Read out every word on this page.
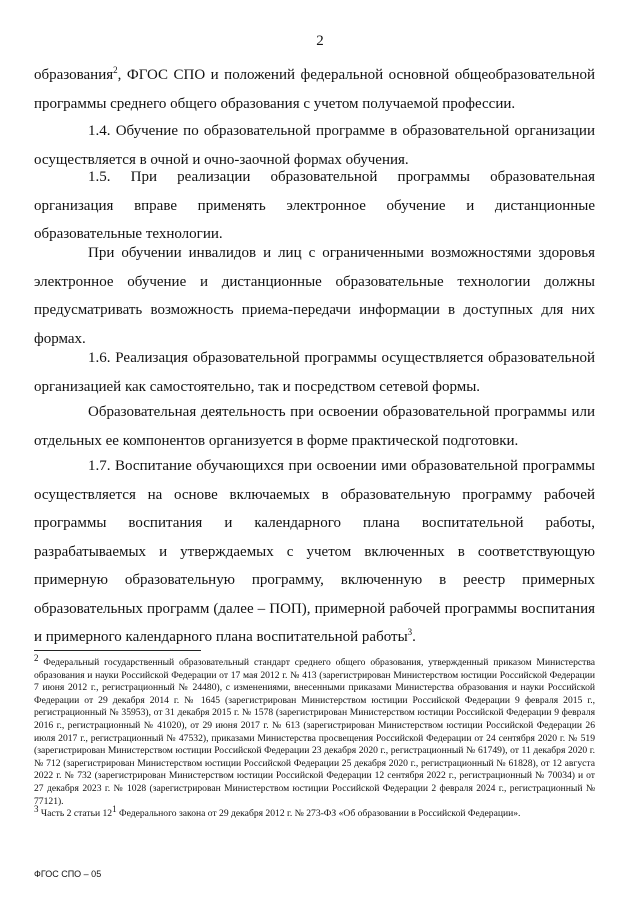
2

образования$^2$, ФГОС СПО и положений федеральной основной общеобразовательной программы среднего общего образования с учетом получаемой профессии.

1.4. Обучение по образовательной программе в образовательной организации осуществляется в очной и очно-заочной формах обучения.

1.5. При реализации образовательной программы образовательная организация вправе применять электронное обучение и дистанционные образовательные технологии.

При обучении инвалидов и лиц с ограниченными возможностями здоровья электронное обучение и дистанционные образовательные технологии должны предусматривать возможность приема-передачи информации в доступных для них формах.

1.6. Реализация образовательной программы осуществляется образовательной организацией как самостоятельно, так и посредством сетевой формы.

Образовательная деятельность при освоении образовательной программы или отдельных ее компонентов организуется в форме практической подготовки.

1.7. Воспитание обучающихся при освоении ими образовательной программы осуществляется на основе включаемых в образовательную программу рабочей программы воспитания и календарного плана воспитательной работы, разрабатываемых и утверждаемых с учетом включенных в соответствующую примерную образовательную программу, включенную в реестр примерных образовательных программ (далее – ПОП), примерной рабочей программы воспитания и примерного календарного плана воспитательной работы$^3$.

$^2$ Федеральный государственный образовательный стандарт среднего общего образования, утвержденный приказом Министерства образования и науки Российской Федерации от 17 мая 2012 г. № 413 (зарегистрирован Министерством юстиции Российской Федерации 7 июня 2012 г., регистрационный № 24480), с изменениями, внесенными приказами Министерства образования и науки Российской Федерации от 29 декабря 2014 г. № 1645 (зарегистрирован Министерством юстиции Российской Федерации 9 февраля 2015 г., регистрационный № 35953), от 31 декабря 2015 г. № 1578 (зарегистрирован Министерством юстиции Российской Федерации 9 февраля 2016 г., регистрационный № 41020), от 29 июня 2017 г. № 613 (зарегистрирован Министерством юстиции Российской Федерации 26 июля 2017 г., регистрационный № 47532), приказами Министерства просвещения Российской Федерации от 24 сентября 2020 г. № 519 (зарегистрирован Министерством юстиции Российской Федерации 23 декабря 2020 г., регистрационный № 61749), от 11 декабря 2020 г. № 712 (зарегистрирован Министерством юстиции Российской Федерации 25 декабря 2020 г., регистрационный № 61828), от 12 августа 2022 г. № 732 (зарегистрирован Министерством юстиции Российской Федерации 12 сентября 2022 г., регистрационный № 70034) и от 27 декабря 2023 г. № 1028 (зарегистрирован Министерством юстиции Российской Федерации 2 февраля 2024 г., регистрационный № 77121).

$^3$ Часть 2 статьи $12^1$ Федерального закона от 29 декабря 2012 г. № 273-ФЗ «Об образовании в Российской Федерации».

ФГОС СПО – 05
